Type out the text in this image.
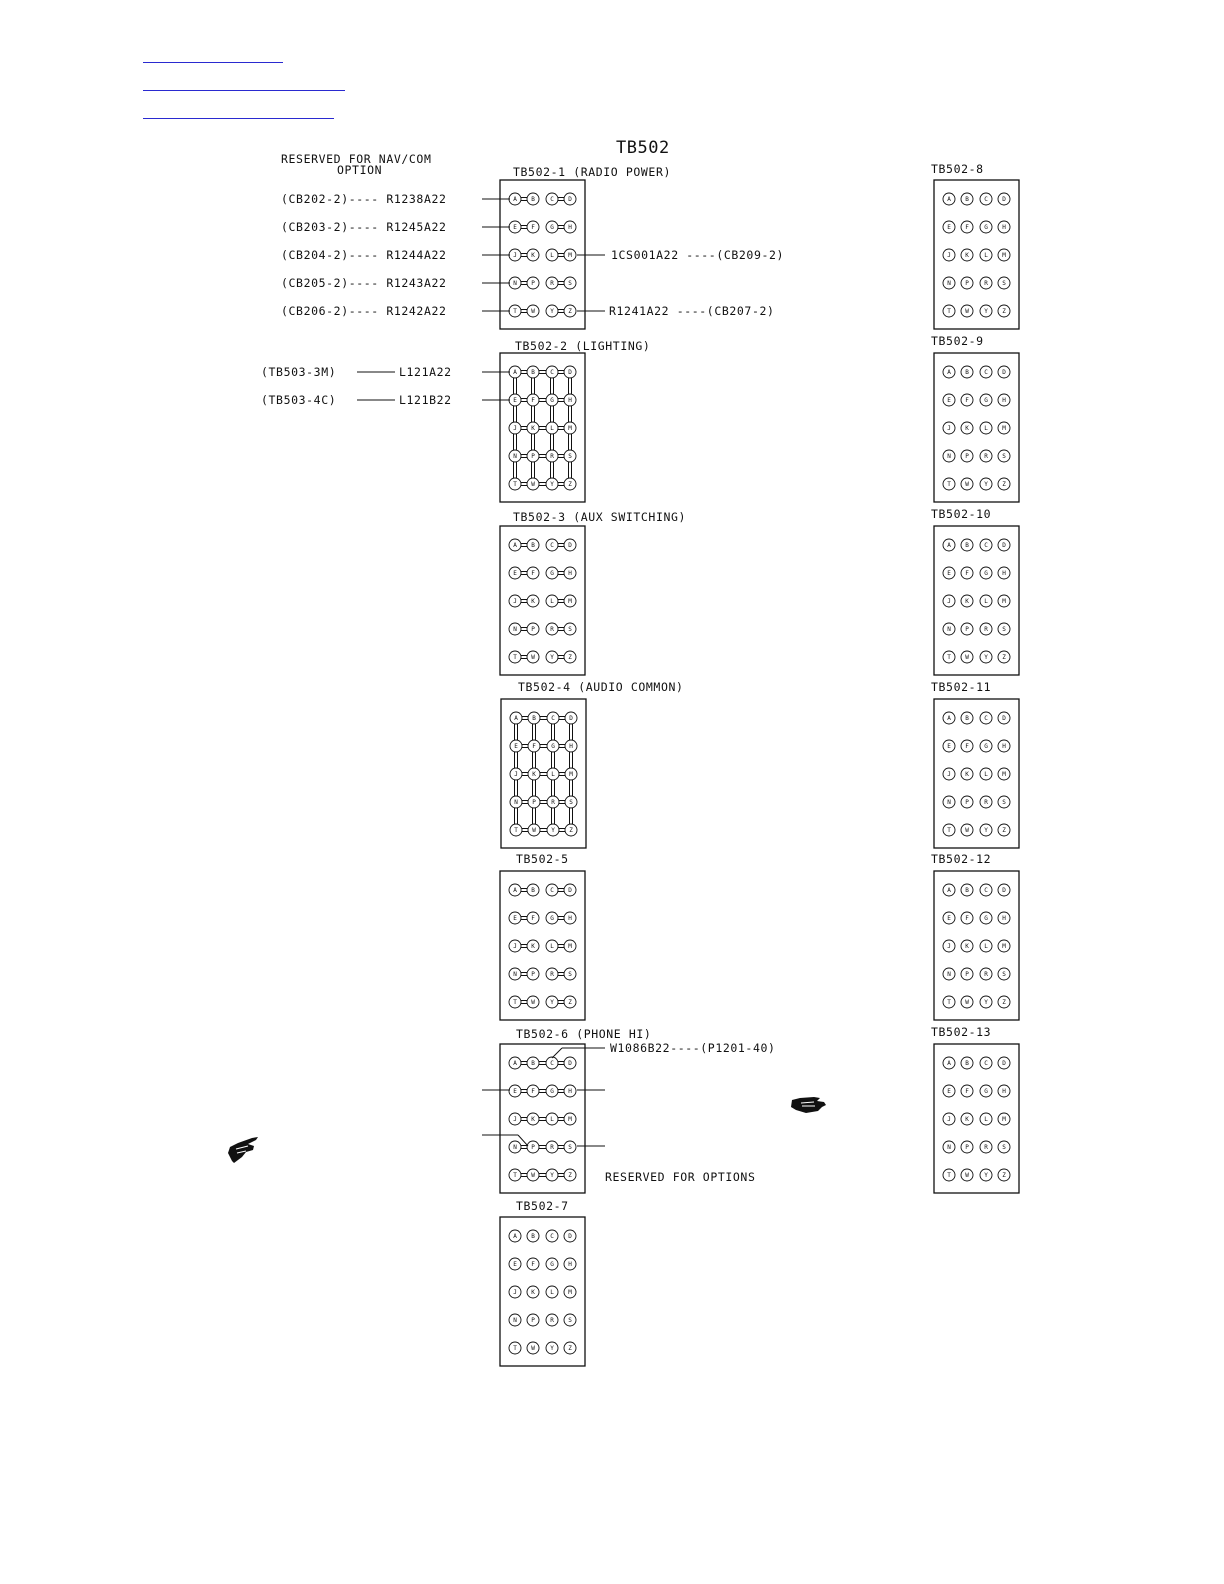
TB502
RESERVED FOR NAV/COM
OPTION	TB502-1 (RADIO POWER)
TB502-2 (LIGHTING)
TB502-3 (AUX SWITCHING)
TB502-4 (AUDIO COMMON)
TB502-5
TB502-6 (PHONE HI)
TB502-7
TB502-8
TB502-9
TB502-10
TB502-11
TB502-12
TB502-13
A B	C D
E F	G H
J K	L M
N P	R S
T W	Y Z
A B	C D
E F	G H
J K	L M
N P	R S
T W	Y Z
A B	C D
E F	G H
J K	L M
N P	R S
T W	Y Z
A B	C D
E F	G H
J K	L M
N P	R S
T W	Y Z
A B	C D
E F	G H
J K	L M
N P	R S
T W	Y Z
A B	C D
E F	G H
J K	L M
N P	R S
T W	Y Z
A B	C D
E F	G H
J K	L M
N P	R S
T W	Y Z
A B	C D
E F	G H
J K	L M
N P	R S
T W	Y Z
A B	C D
E F	G H
J K	L M
N P	R S
T W	Y Z
A B	C D
E F	G H
J K	L M
N P	R S
T W	Y Z
A B	C D
E F	G H
J K	L M
N P	R S
T W	Y Z
A B	C D
E F	G H
J K	L M
N P	R S
T W	Y Z
A B	C D
E F	G H
J K	L M
N P	R S
T W	Y Z
(CB202-2)---- R1238A22
(CB203-2)---- R1245A22
(CB204-2)---- R1244A22
(CB205-2)---- R1243A22
(CB206-2)---- R1242A22
1CS001A22 ----(CB209-2)
R1241A22 ----(CB207-2)
(TB503-3M)	L121A22
(TB503-4C)	L121B22
W1086B22----(P1201-40)
RESERVED FOR OPTIONS
